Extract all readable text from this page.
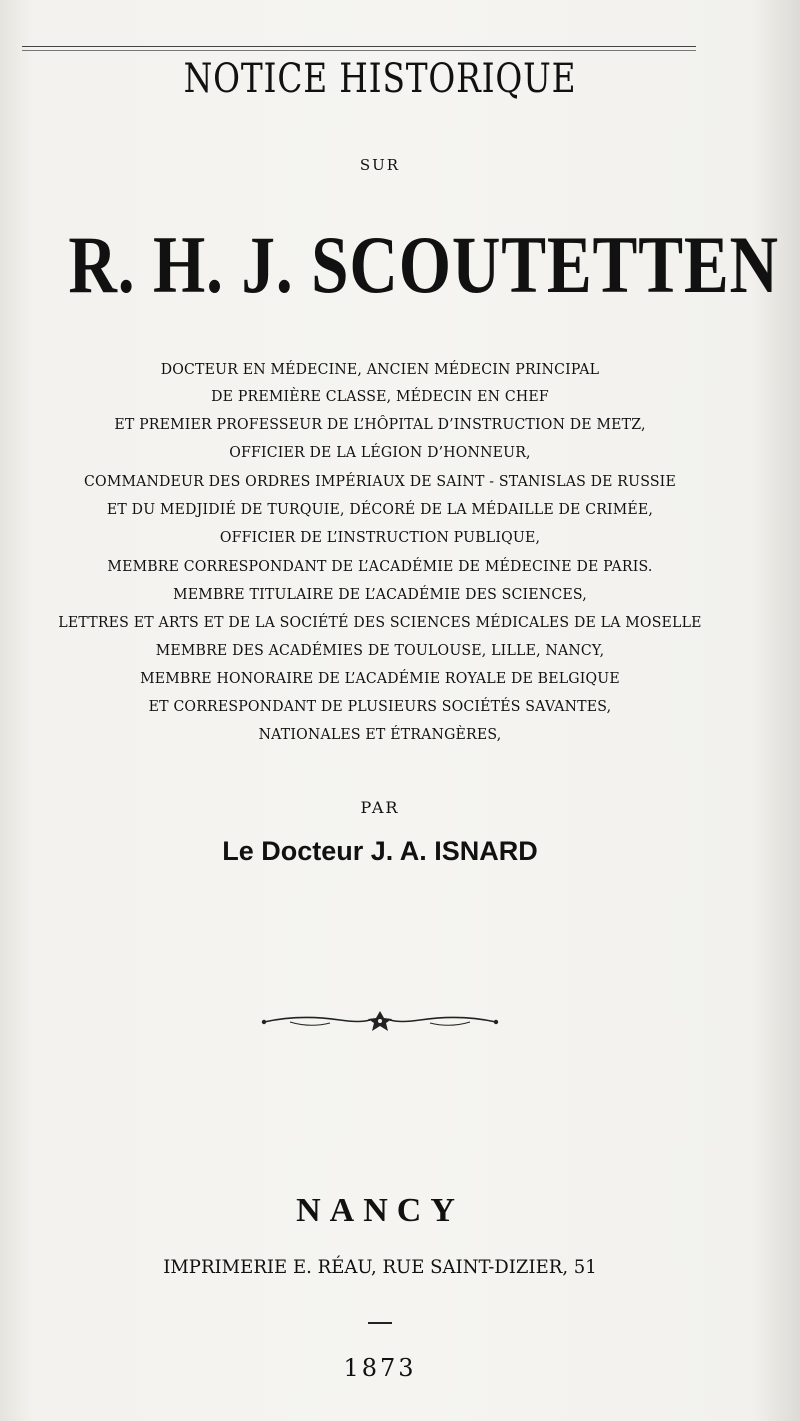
NOTICE HISTORIQUE
SUR
R. H. J. SCOUTETTEN
DOCTEUR EN MÉDECINE, ANCIEN MÉDECIN PRINCIPAL
DE PREMIÈRE CLASSE, MÉDECIN EN CHEF
ET PREMIER PROFESSEUR DE L’HÔPITAL D’INSTRUCTION DE METZ,
OFFICIER DE LA LÉGION D’HONNEUR,
COMMANDEUR DES ORDRES IMPÉRIAUX DE SAINT - STANISLAS DE RUSSIE
ET DU MEDJIDIÉ DE TURQUIE, DÉCORÉ DE LA MÉDAILLE DE CRIMÉE,
OFFICIER DE L’INSTRUCTION PUBLIQUE,
MEMBRE CORRESPONDANT DE L’ACADÉMIE DE MÉDECINE DE PARIS.
MEMBRE TITULAIRE DE L’ACADÉMIE DES SCIENCES,
LETTRES ET ARTS ET DE LA SOCIÉTÉ DES SCIENCES MÉDICALES DE LA MOSELLE
MEMBRE DES ACADÉMIES DE TOULOUSE, LILLE, NANCY,
MEMBRE HONORAIRE DE L’ACADÉMIE ROYALE DE BELGIQUE
ET CORRESPONDANT DE PLUSIEURS SOCIÉTÉS SAVANTES,
NATIONALES ET ÉTRANGÈRES,
PAR
Le Docteur J. A. ISNARD
NANCY
IMPRIMERIE E. RÉAU, RUE SAINT-DIZIER, 51
1873
